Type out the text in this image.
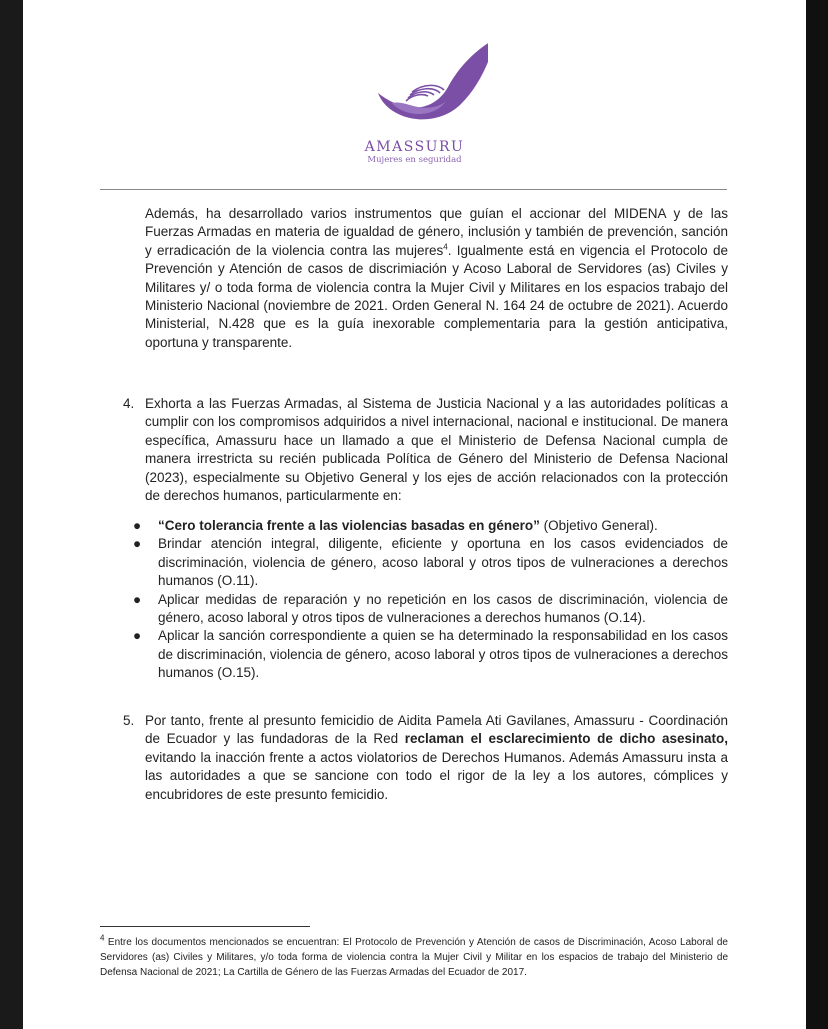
AMASSURU
Mujeres en seguridad
Además, ha desarrollado varios instrumentos que guían el accionar del MIDENA y de las Fuerzas Armadas en materia de igualdad de género, inclusión y también de prevención, sanción y erradicación de la violencia contra las mujeres$^4$. Igualmente está en vigencia el Protocolo de Prevención y Atención de casos de discrimiación y Acoso Laboral de Servidores (as) Civiles y Militares y/ o toda forma de violencia contra la Mujer Civil y Militares en los espacios trabajo del Ministerio Nacional (noviembre de 2021. Orden General N. 164 24 de octubre de 2021). Acuerdo Ministerial, N.428 que es la guía inexorable complementaria para la gestión anticipativa, oportuna y transparente.
4. Exhorta a las Fuerzas Armadas, al Sistema de Justicia Nacional y a las autoridades políticas a cumplir con los compromisos adquiridos a nivel internacional, nacional e institucional. De manera específica, Amassuru hace un llamado a que el Ministerio de Defensa Nacional cumpla de manera irrestricta su recién publicada Política de Género del Ministerio de Defensa Nacional (2023), especialmente su Objetivo General y los ejes de acción relacionados con la protección de derechos humanos, particularmente en:

● “Cero tolerancia frente a las violencias basadas en género” (Objetivo General).

● Brindar atención integral, diligente, eficiente y oportuna en los casos evidenciados de discriminación, violencia de género, acoso laboral y otros tipos de vulneraciones a derechos humanos (O.11).

● Aplicar medidas de reparación y no repetición en los casos de discriminación, violencia de género, acoso laboral y otros tipos de vulneraciones a derechos humanos (O.14).

● Aplicar la sanción correspondiente a quien se ha determinado la responsabilidad en los casos de discriminación, violencia de género, acoso laboral y otros tipos de vulneraciones a derechos humanos (O.15).

5. Por tanto, frente al presunto femicidio de Aidita Pamela Ati Gavilanes, Amassuru - Coordinación de Ecuador y las fundadoras de la Red reclaman el esclarecimiento de dicho asesinato, evitando la inacción frente a actos violatorios de Derechos Humanos. Además Amassuru insta a las autoridades a que se sancione con todo el rigor de la ley a los autores, cómplices y encubridores de este presunto femicidio.
$^4$ Entre los documentos mencionados se encuentran: El Protocolo de Prevención y Atención de casos de Discriminación, Acoso Laboral de Servidores (as) Civiles y Militares, y/o toda forma de violencia contra la Mujer Civil y Militar en los espacios de trabajo del Ministerio de Defensa Nacional de 2021; La Cartilla de Género de las Fuerzas Armadas del Ecuador de 2017.
